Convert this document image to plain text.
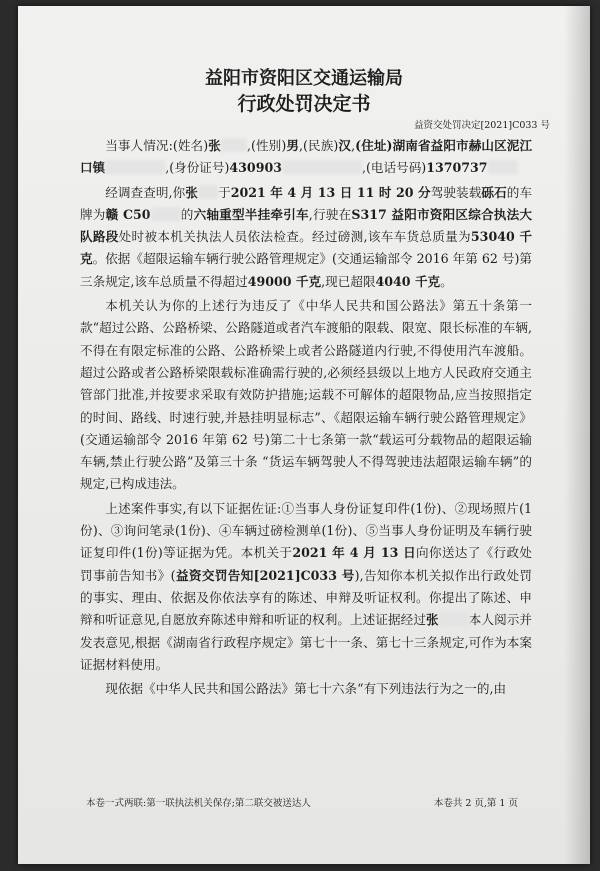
益阳市资阳区交通运输局
行政处罚决定书
益资交处罚决定[2021]C033 号

当事人情况:(姓名)张 ,(性别)男,(民族)汉,(住址)湖南省益阳市赫山区泥江口镇	,(身份证号)430903	,(电话号码)1370737

经调查查明,你张 于2021 年 4 月 13 日 11 时 20 分驾驶装载砾石的车牌为赣 C50 的六轴重型半挂牵引车,行驶在S317 益阳市资阳区综合执法大队路段处时被本机关执法人员依法检查。经过磅测,该车车货总质量为53040 千克。依据《超限运输车辆行驶公路管理规定》(交通运输部令 2016 年第 62 号)第三条规定,该车总质量不得超过49000 千克,现已超限4040 千克。

本机关认为你的上述行为违反了《中华人民共和国公路法》第五十条第一款“超过公路、公路桥梁、公路隧道或者汽车渡船的限载、限宽、限长标准的车辆,不得在有限定标准的公路、公路桥梁上或者公路隧道内行驶,不得使用汽车渡船。超过公路或者公路桥梁限载标准确需行驶的,必须经县级以上地方人民政府交通主管部门批准,并按要求采取有效防护措施;运载不可解体的超限物品,应当按照指定的时间、路线、时速行驶,并悬挂明显标志”、《超限运输车辆行驶公路管理规定》(交通运输部令 2016 年第 62 号)第二十七条第一款“载运可分载物品的超限运输车辆,禁止行驶公路”及第三十条 “货运车辆驾驶人不得驾驶违法超限运输车辆”的规定,已构成违法。

上述案件事实,有以下证据佐证:①当事人身份证复印件(1份)、②现场照片(1份)、③询问笔录(1份)、④车辆过磅检测单(1份)、⑤当事人身份证明及车辆行驶证复印件(1份)等证据为凭。本机关于2021 年 4 月 13 日向你送达了《行政处罚事前告知书》(益资交罚告知[2021]C033 号),告知你本机关拟作出行政处罚的事实、理由、依据及你依法享有的陈述、申辩及听证权利。你提出了陈述、申辩和听证意见,自愿放弃陈述申辩和听证的权利。上述证据经过张 本人阅示并发表意见,根据《湖南省行政程序规定》第七十一条、第七十三条规定,可作为本案证据材料使用。

现依据《中华人民共和国公路法》第七十六条“有下列违法行为之一的,由

本卷一式两联:第一联执法机关保存;第二联交被送达人	本卷共 2 页,第 1 页
